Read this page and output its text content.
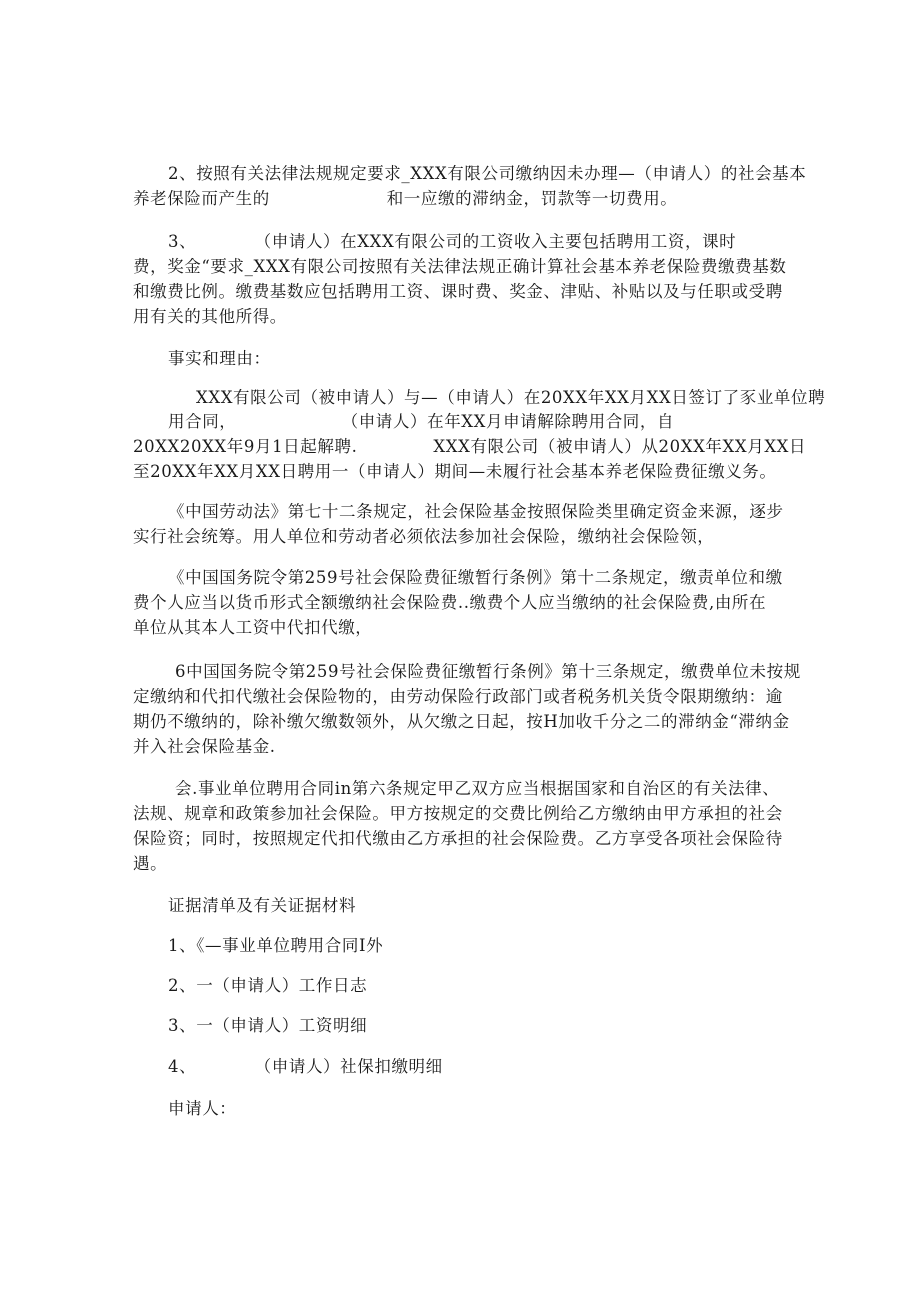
2、按照有关法律法规规定要求_XXX有限公司缴纳因未办理—（申请人）的社会基本
养老保险而产生的                    和一应缴的滞纳金，罚款等一切费用。
3、          （申请人）在XXX有限公司的工资收入主要包括聘用工资，课时
费，奖金“要求_XXX有限公司按照有关法律法规正确计算社会基本养老保险费缴费基数
和缴费比例。缴费基数应包括聘用工资、课时费、奖金、津贴、补贴以及与任职或受聘
用有关的其他所得。
事实和理由：
XXX有限公司（被申请人）与—（申请人）在20XX年XX月XX日签订了豕业单位聘
用合同，                  （申请人）在年XX月申请解除聘用合同，自
20XX20XX年9月1日起解聘.             XXX有限公司（被申请人）从20XX年XX月XX日
至20XX年XX月XX日聘用一（申请人）期间—未履行社会基本养老保险费征缴义务。
《中国劳动法》第七十二条规定，社会保险基金按照保险类里确定资金来源，逐步
实行社会统筹。用人单位和劳动者必须依法参加社会保险，缴纳社会保险领，
《中国国务院令第259号社会保险费征缴暂行条例》第十二条规定，缴责单位和缴
费个人应当以货币形式全额缴纳社会保险费..缴费个人应当缴纳的社会保险费,由所在
单位从其本人工资中代扣代缴，
6中国国务院令第259号社会保险费征缴暂行条例》第十三条规定，缴费单位未按规
定缴纳和代扣代缴社会保险物的，由劳动保险行政部门或者税务机关货令限期缴纳：逾
期仍不缴纳的，除补缴欠缴数领外，从欠缴之日起，按H加收千分之二的滞纳金“滞纳金
并入社会保险基金.
会.事业单位聘用合同in第六条规定甲乙双方应当根据国家和自治区的有关法律、
法规、规章和政策参加社会保险。甲方按规定的交费比例给乙方缴纳由甲方承担的社会
保险资；同时，按照规定代扣代缴由乙方承担的社会保险费。乙方享受各项社会保险待
遇。
证据清单及有关证据材料
1、《—事业单位聘用合同I外
2、一（申请人）工作日志
3、一（申请人）工资明细
4、          （申请人）社保扣缴明细
申请人：
